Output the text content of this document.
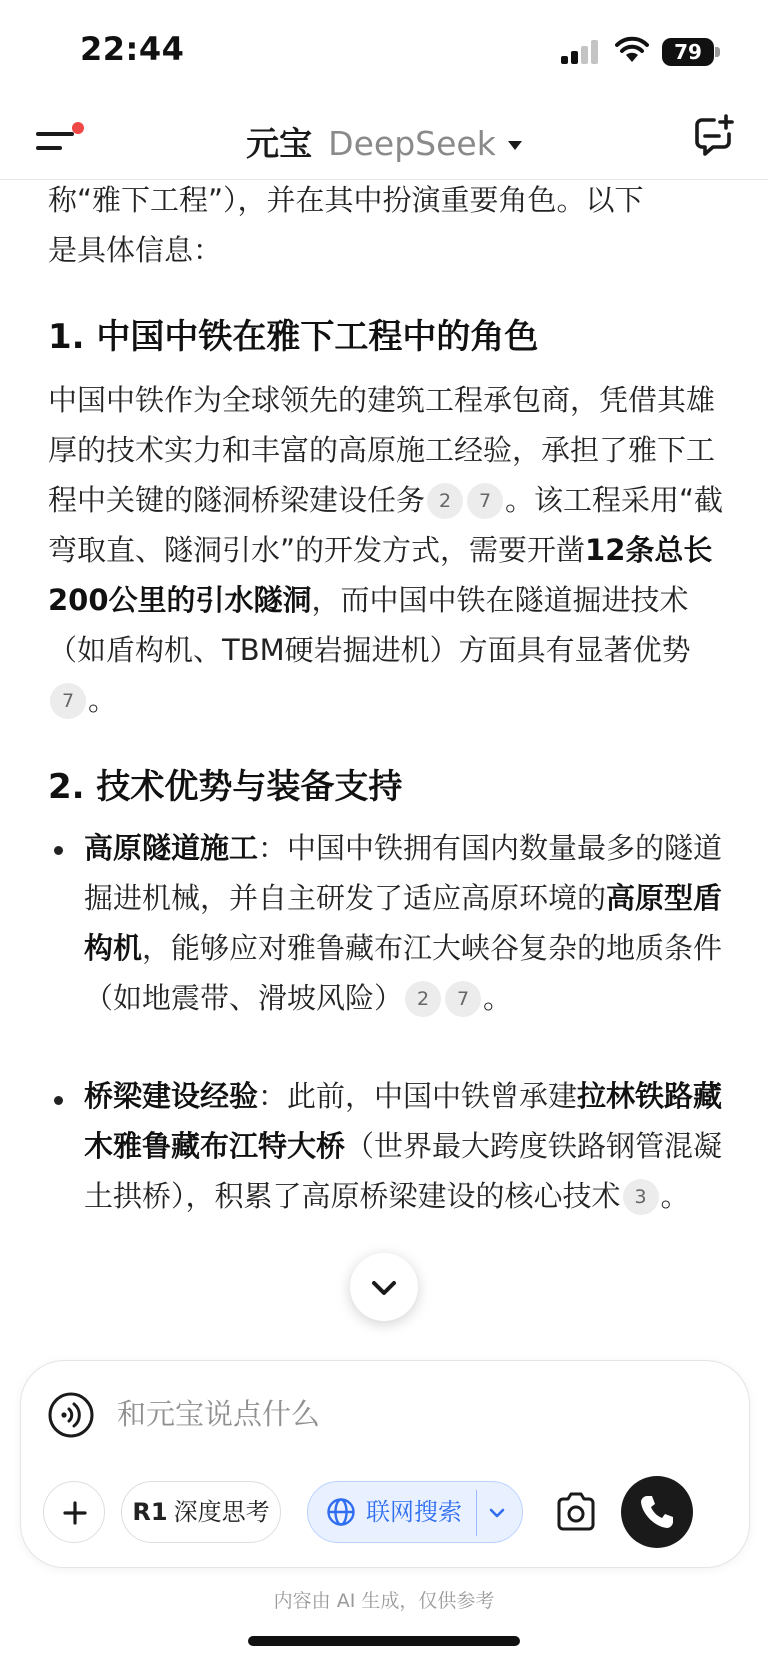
22:44	79
元宝 DeepSeek
称“雅下工程”），并在其中扮演重要角色。以下
是具体信息：
1. 中国中铁在雅下工程中的角色
中国中铁作为全球领先的建筑工程承包商，凭借其雄厚的技术实力和丰富的高原施工经验，承担了雅下工程中关键的隧洞桥梁建设任务 2 7 。该工程采用“截弯取直、隧洞引水”的开发方式，需要开凿12条总长200公里的引水隧洞，而中国中铁在隧道掘进技术（如盾构机、TBM硬岩掘进机）方面具有显著优势7 。
2. 技术优势与装备支持
高原隧道施工：中国中铁拥有国内数量最多的隧道掘进机械，并自主研发了适应高原环境的高原型盾构机，能够应对雅鲁藏布江大峡谷复杂的地质条件（如地震带、滑坡风险） 2 7 。
桥梁建设经验：此前，中国中铁曾承建拉林铁路藏木雅鲁藏布江特大桥（世界最大跨度铁路钢管混凝土拱桥），积累了高原桥梁建设的核心技术 3 。
和元宝说点什么
R1 深度思考	联网搜索
内容由 AI 生成，仅供参考
